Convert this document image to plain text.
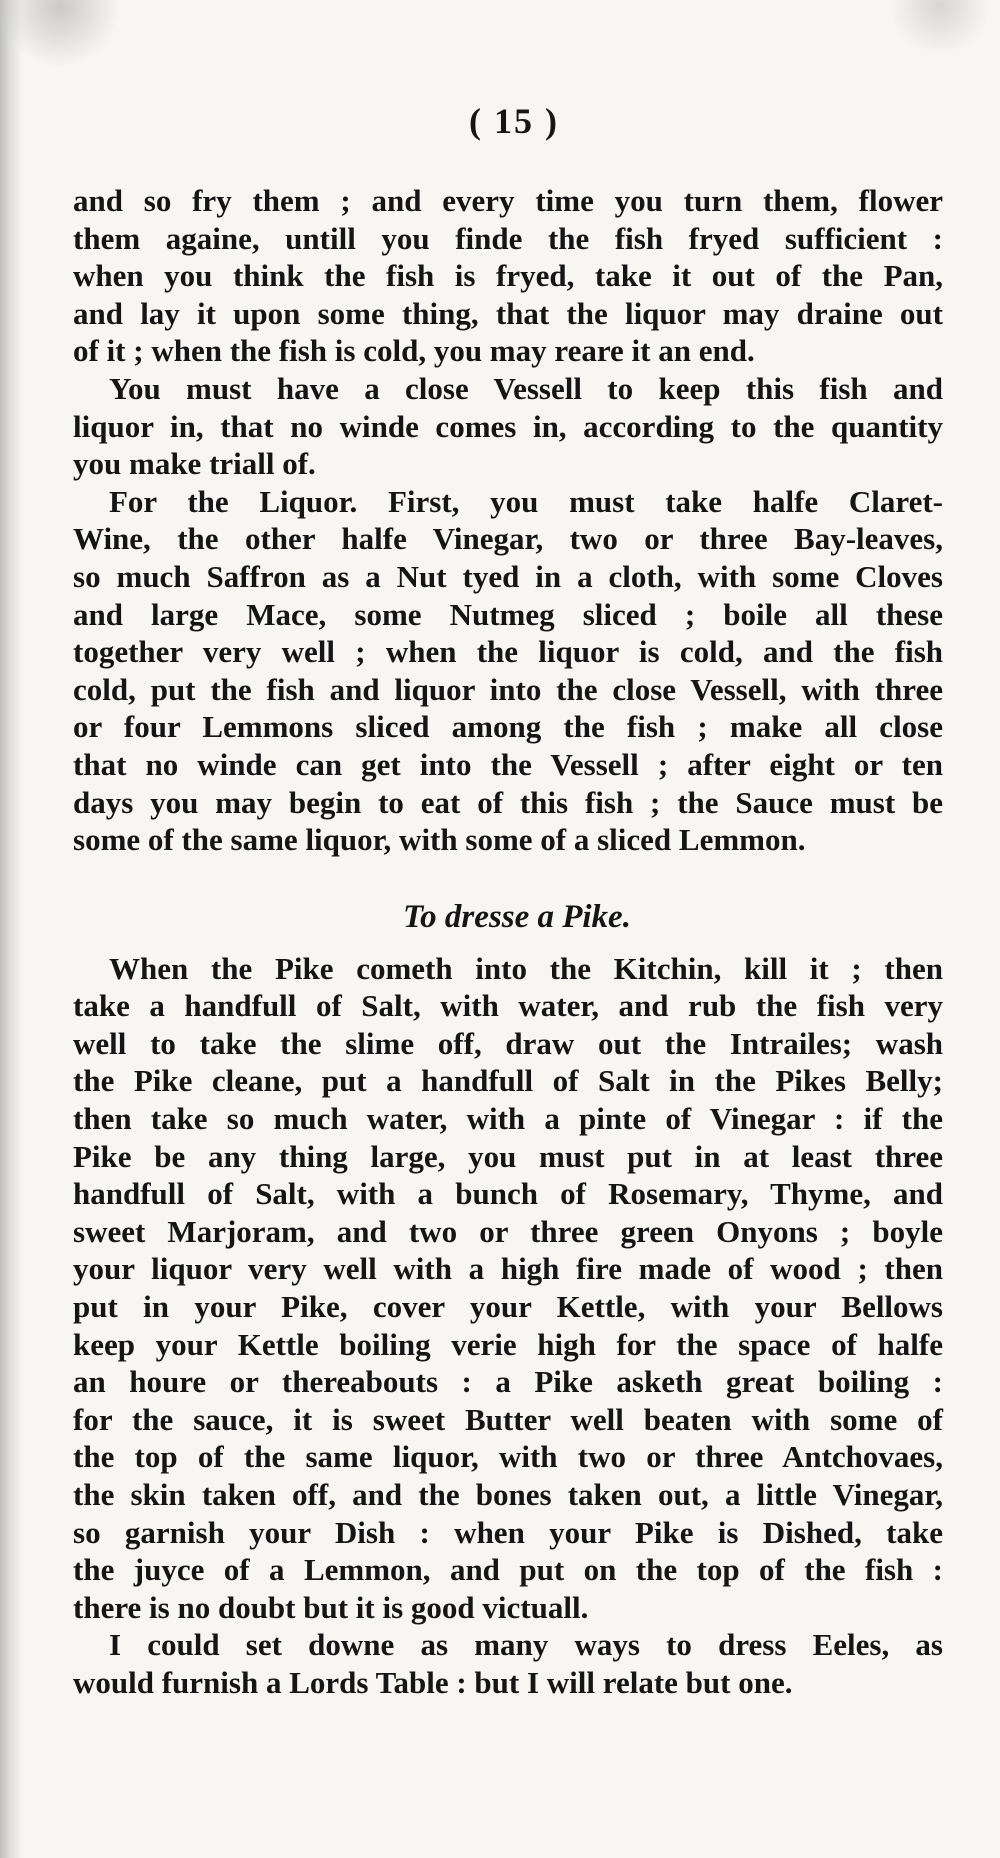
( 15 )
and so fry them ; and every time you turn them, flower
them againe, untill you finde the fish fryed sufficient :
when you think the fish is fryed, take it out of the Pan,
and lay it upon some thing, that the liquor may draine out
of it ; when the fish is cold, you may reare it an end.
You must have a close Vessell to keep this fish and
liquor in, that no winde comes in, according to the quantity
you make triall of.
For the Liquor. First, you must take halfe Claret-
Wine, the other halfe Vinegar, two or three Bay-leaves,
so much Saffron as a Nut tyed in a cloth, with some Cloves
and large Mace, some Nutmeg sliced ; boile all these
together very well ; when the liquor is cold, and the fish
cold, put the fish and liquor into the close Vessell, with three
or four Lemmons sliced among the fish ; make all close
that no winde can get into the Vessell ; after eight or ten
days you may begin to eat of this fish ; the Sauce must be
some of the same liquor, with some of a sliced Lemmon.
To dresse a Pike.
When the Pike cometh into the Kitchin, kill it ; then
take a handfull of Salt, with water, and rub the fish very
well to take the slime off, draw out the Intrailes; wash
the Pike cleane, put a handfull of Salt in the Pikes Belly;
then take so much water, with a pinte of Vinegar : if the
Pike be any thing large, you must put in at least three
handfull of Salt, with a bunch of Rosemary, Thyme, and
sweet Marjoram, and two or three green Onyons ; boyle
your liquor very well with a high fire made of wood ; then
put in your Pike, cover your Kettle, with your Bellows
keep your Kettle boiling verie high for the space of halfe
an houre or thereabouts : a Pike asketh great boiling :
for the sauce, it is sweet Butter well beaten with some of
the top of the same liquor, with two or three Antchovaes,
the skin taken off, and the bones taken out, a little Vinegar,
so garnish your Dish : when your Pike is Dished, take
the juyce of a Lemmon, and put on the top of the fish :
there is no doubt but it is good victuall.
I could set downe as many ways to dress Eeles, as
would furnish a Lords Table : but I will relate but one.
